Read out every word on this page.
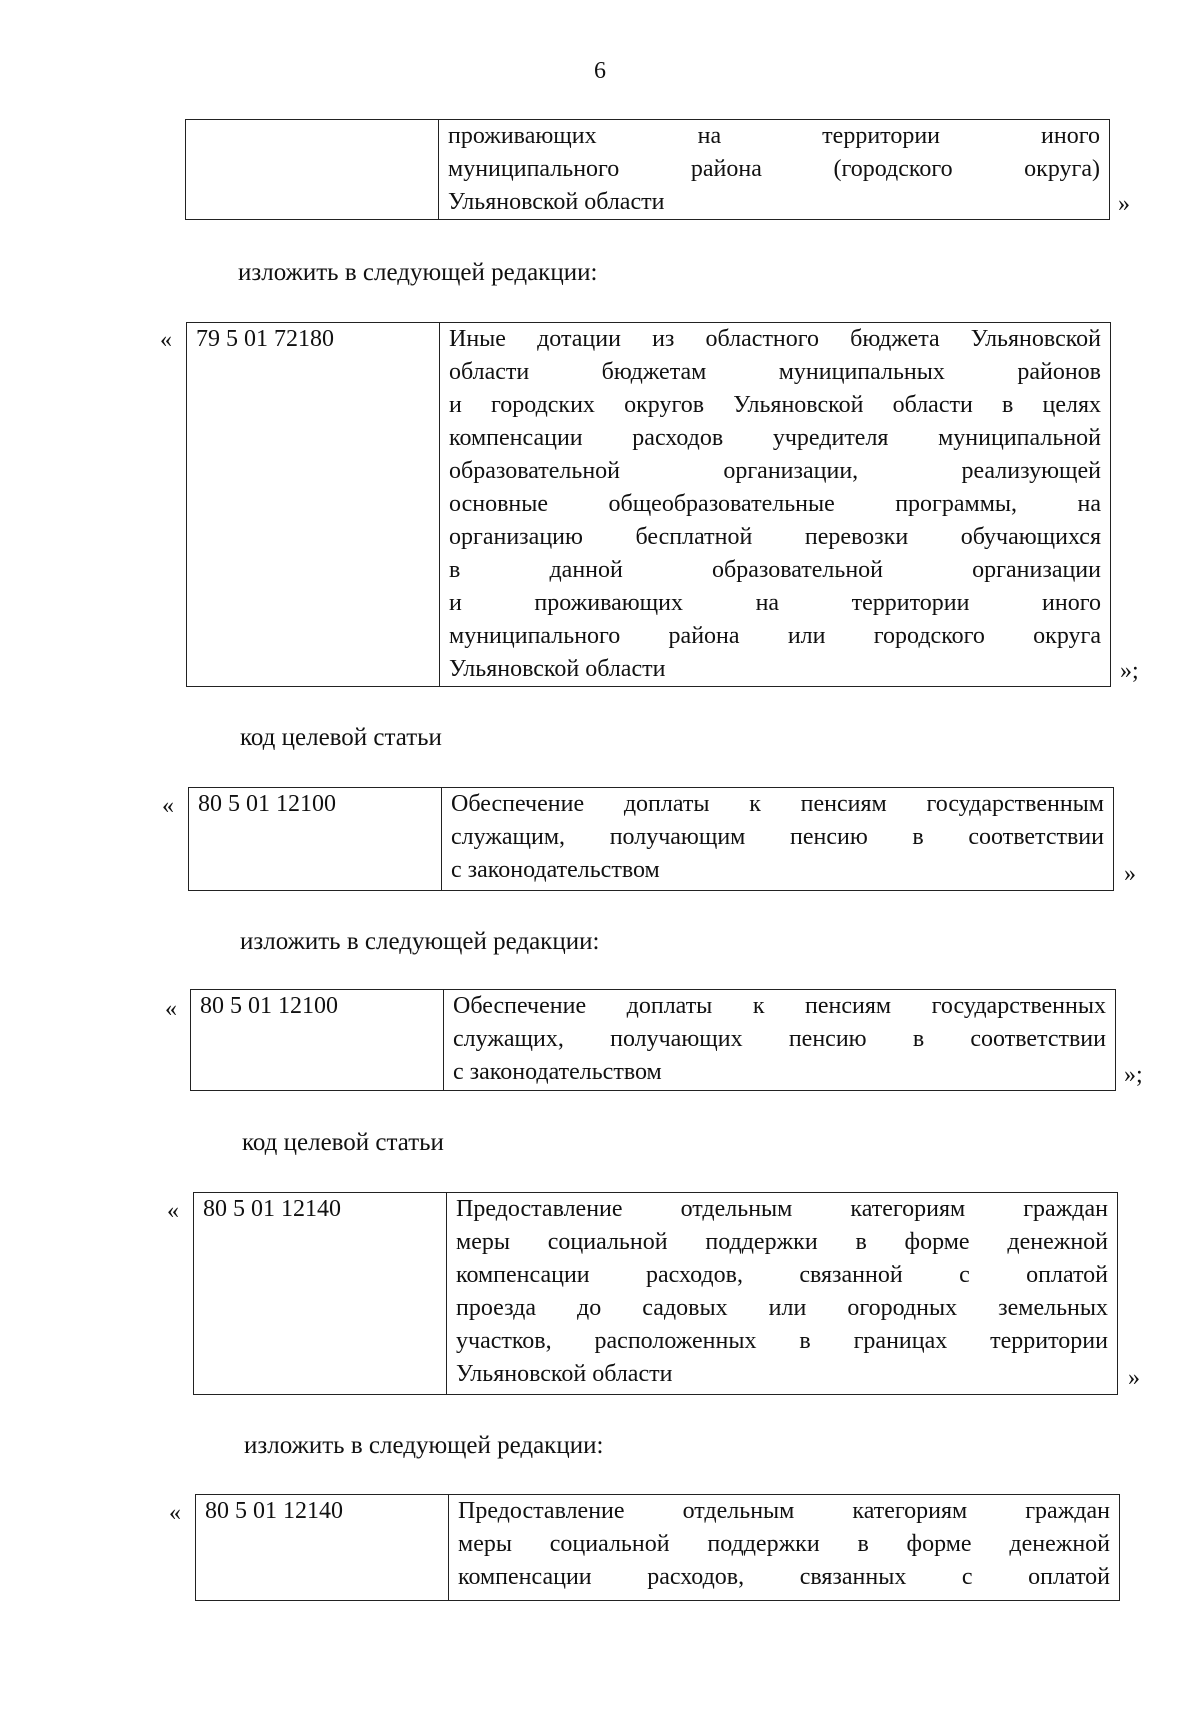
6
	проживающих на территории иного
муниципального района (городского округа)
Ульяновской области	»
изложить в следующей редакции:
« 79 5 01 72180	Иные дотации из областного бюджета Ульяновской
области бюджетам муниципальных районов
и городских округов Ульяновской области в целях
компенсации расходов учредителя муниципальной
образовательной организации, реализующей
основные общеобразовательные программы, на
организацию бесплатной перевозки обучающихся
в данной образовательной организации
и проживающих на территории иного
муниципального района или городского округа
Ульяновской области	»;
код целевой статьи
« 80 5 01 12100	Обеспечение доплаты к пенсиям государственным
служащим, получающим пенсию в соответствии
с законодательством	»
изложить в следующей редакции:
« 80 5 01 12100	Обеспечение доплаты к пенсиям государственных
служащих, получающих пенсию в соответствии
с законодательством	»;
код целевой статьи
« 80 5 01 12140	Предоставление отдельным категориям граждан
меры социальной поддержки в форме денежной
компенсации расходов, связанной с оплатой
проезда до садовых или огородных земельных
участков, расположенных в границах территории
Ульяновской области	»
изложить в следующей редакции:
« 80 5 01 12140	Предоставление отдельным категориям граждан
меры социальной поддержки в форме денежной
компенсации расходов, связанных с оплатой
